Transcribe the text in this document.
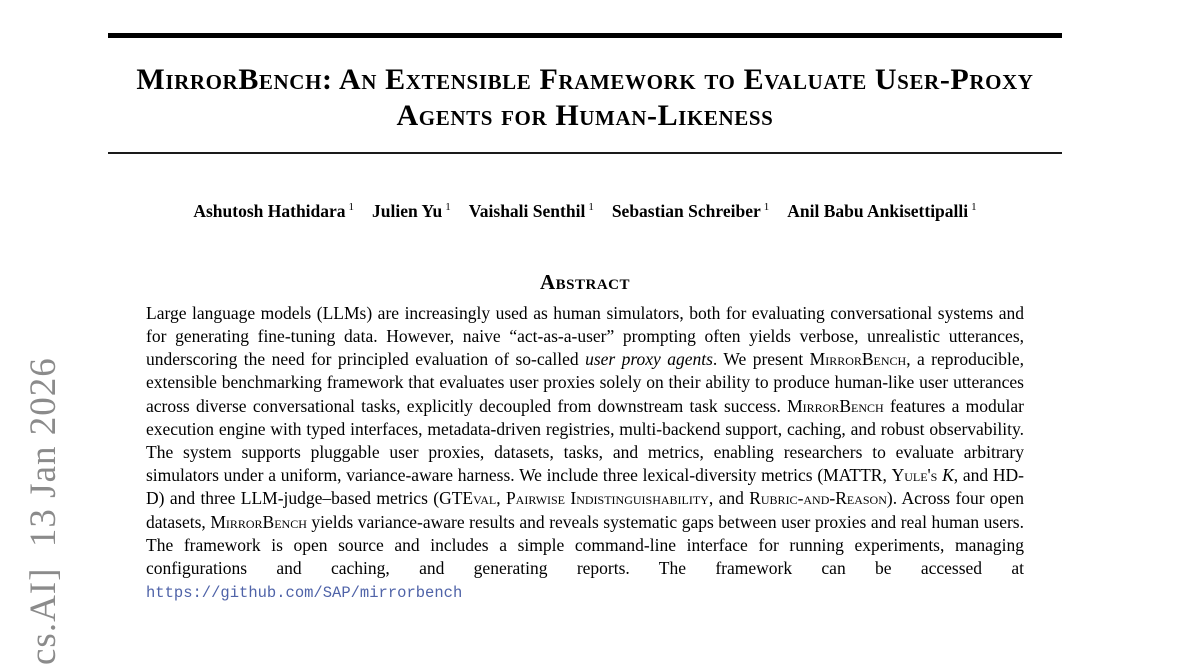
cs.AI]  13 Jan 2026
MirrorBench: An Extensible Framework to Evaluate User-Proxy Agents for Human-Likeness
Ashutosh Hathidara $^1$ Julien Yu $^1$ Vaishali Senthil $^1$ Sebastian Schreiber $^1$ Anil Babu Ankisettipalli $^1$
Abstract

Large language models (LLMs) are increasingly used as human simulators, both for evaluating conversational systems and for generating fine-tuning data. However, naive “act-as-a-user” prompting often yields verbose, unrealistic utterances, underscoring the need for principled evaluation of so-called user proxy agents. We present MirrorBench, a reproducible, extensible benchmarking framework that evaluates user proxies solely on their ability to produce human-like user utterances across diverse conversational tasks, explicitly decoupled from downstream task success. MirrorBench features a modular execution engine with typed interfaces, metadata-driven registries, multi-backend support, caching, and robust observability. The system supports pluggable user proxies, datasets, tasks, and metrics, enabling researchers to evaluate arbitrary simulators under a uniform, variance-aware harness. We include three lexical-diversity metrics (MATTR, Yule's K, and HD-D) and three LLM-judge–based metrics (GTEval, Pairwise Indistinguishability, and Rubric-and-Reason). Across four open datasets, MirrorBench yields variance-aware results and reveals systematic gaps between user proxies and real human users. The framework is open source and includes a simple command-line interface for running experiments, managing configurations and caching, and generating reports. The framework can be accessed at https://github.com/SAP/mirrorbench
